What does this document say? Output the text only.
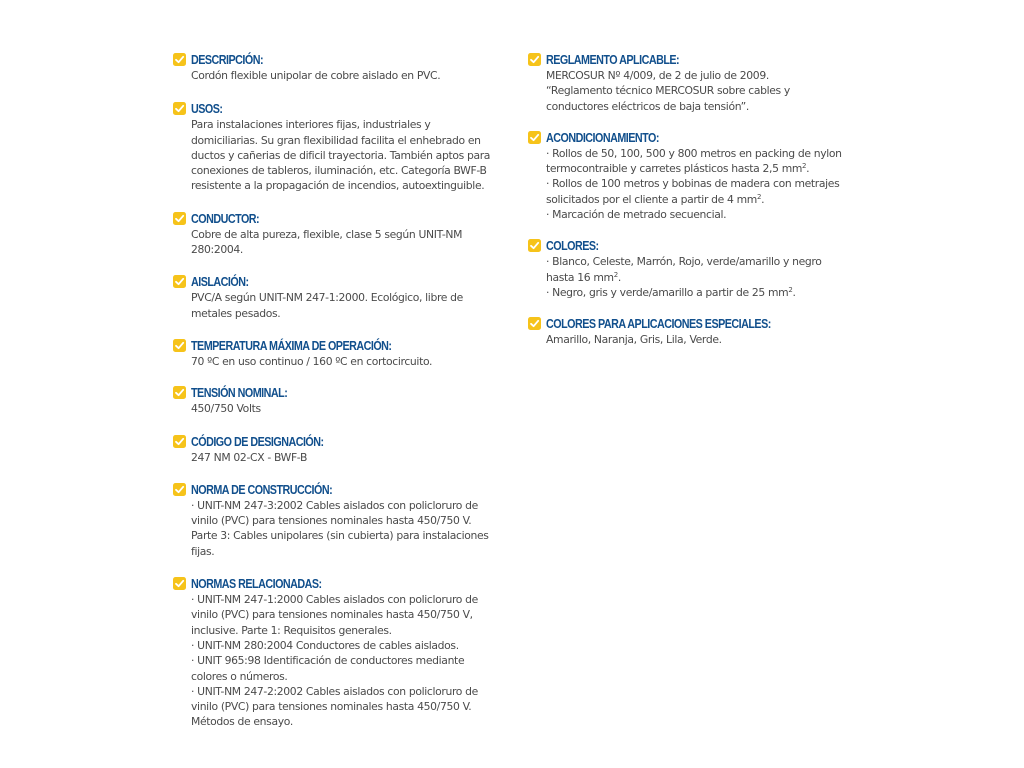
DESCRIPCIÓN:
Cordón flexible unipolar de cobre aislado en PVC.
USOS:
Para instalaciones interiores fijas, industriales y
domiciliarias. Su gran flexibilidad facilita el enhebrado en
ductos y cañerias de dificil trayectoria. También aptos para
conexiones de tableros, iluminación, etc. Categoría BWF-B
resistente a la propagación de incendios, autoextinguible.
CONDUCTOR:
Cobre de alta pureza, flexible, clase 5 según UNIT-NM
280:2004.
AISLACIÓN:
PVC/A según UNIT-NM 247-1:2000. Ecológico, libre de
metales pesados.
TEMPERATURA MÁXIMA DE OPERACIÓN:
70 ºC en uso continuo / 160 ºC en cortocircuito.
TENSIÓN NOMINAL:
450/750 Volts
CÓDIGO DE DESIGNACIÓN:
247 NM 02-CX - BWF-B
NORMA DE CONSTRUCCIÓN:
· UNIT-NM 247-3:2002 Cables aislados con policloruro de
vinilo (PVC) para tensiones nominales hasta 450/750 V.
Parte 3: Cables unipolares (sin cubierta) para instalaciones
fijas.
NORMAS RELACIONADAS:
· UNIT-NM 247-1:2000 Cables aislados con policloruro de
vinilo (PVC) para tensiones nominales hasta 450/750 V,
inclusive. Parte 1: Requisitos generales.
· UNIT-NM 280:2004 Conductores de cables aislados.
· UNIT 965:98 Identificación de conductores mediante
colores o números.
· UNIT-NM 247-2:2002 Cables aislados con policloruro de
vinilo (PVC) para tensiones nominales hasta 450/750 V.
Métodos de ensayo.
REGLAMENTO APLICABLE:
MERCOSUR Nº 4/009, de 2 de julio de 2009.
“Reglamento técnico MERCOSUR sobre cables y
conductores eléctricos de baja tensión”.
ACONDICIONAMIENTO:
· Rollos de 50, 100, 500 y 800 metros en packing de nylon
termocontraible y carretes plásticos hasta 2,5 $mm^2$.
· Rollos de 100 metros y bobinas de madera con metrajes
solicitados por el cliente a partir de 4 $mm^2$.
· Marcación de metrado secuencial.
COLORES:
· Blanco, Celeste, Marrón, Rojo, verde/amarillo y negro
hasta 16 $mm^2$.
· Negro, gris y verde/amarillo a partir de 25 $mm^2$.
COLORES PARA APLICACIONES ESPECIALES:
Amarillo, Naranja, Gris, Lila, Verde.
